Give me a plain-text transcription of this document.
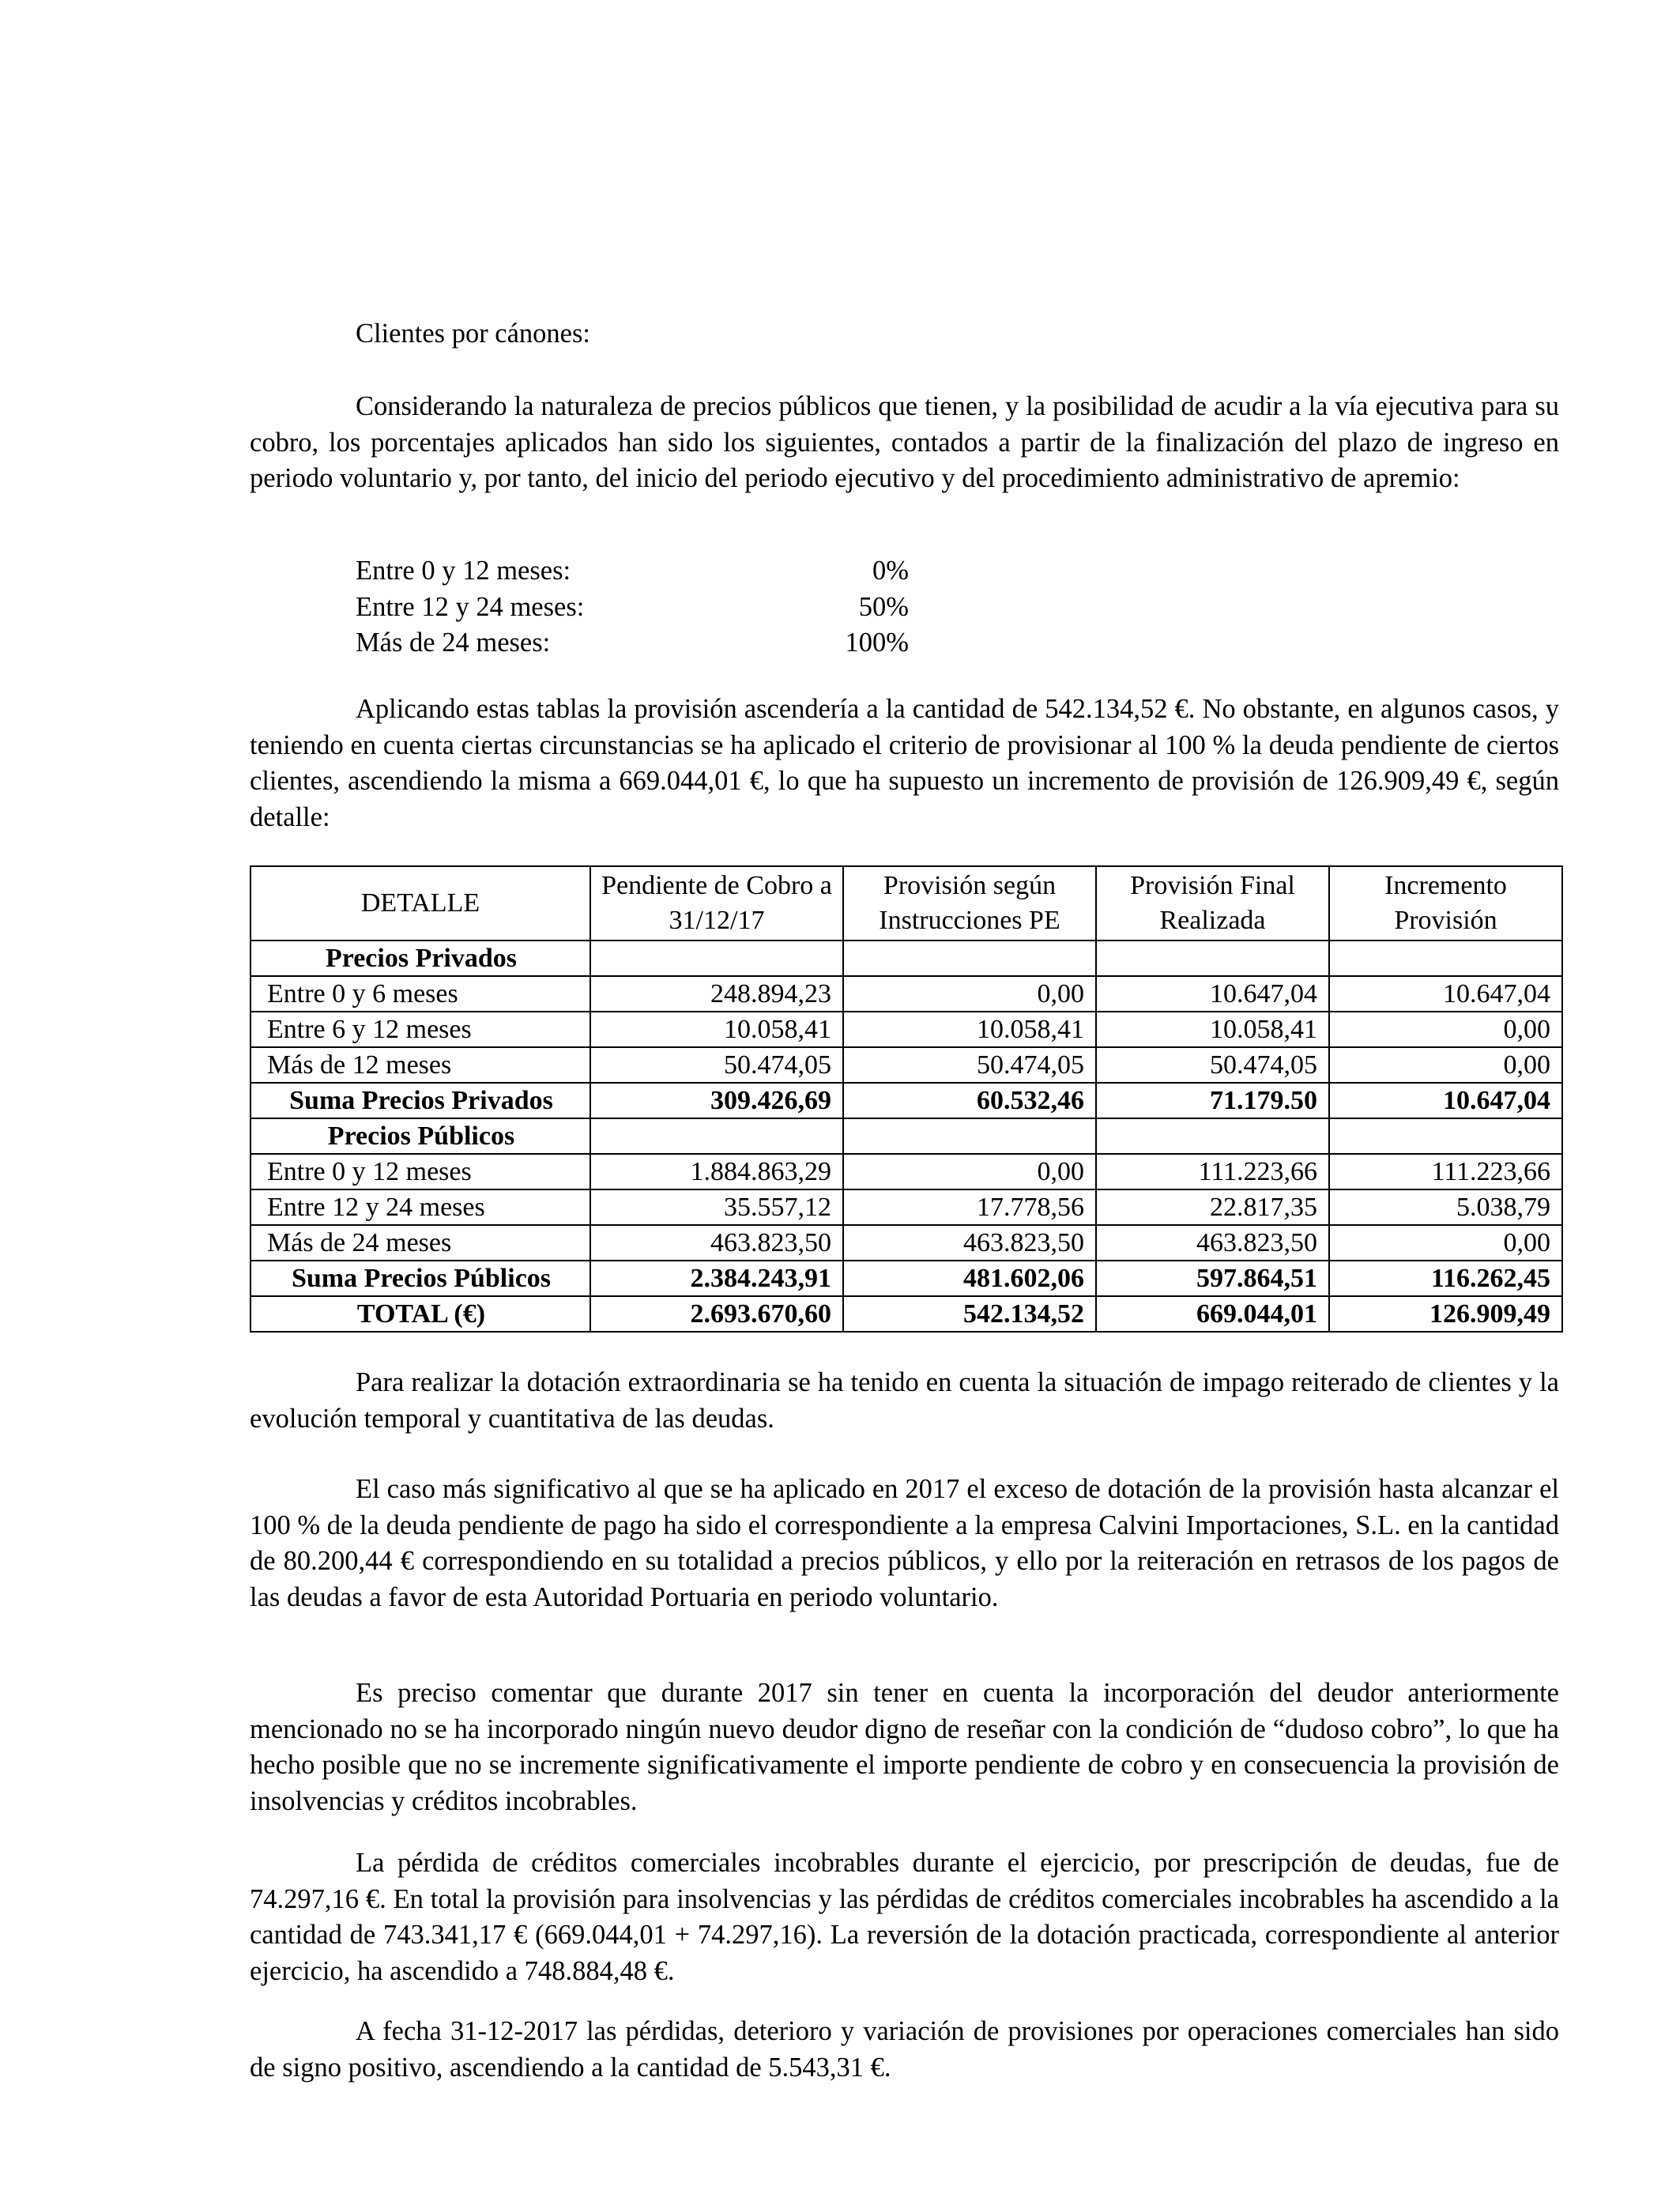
Clientes por cánones:

Considerando la naturaleza de precios públicos que tienen, y la posibilidad de acudir a la vía ejecutiva para su cobro, los porcentajes aplicados han sido los siguientes, contados a partir de la finalización del plazo de ingreso en periodo voluntario y, por tanto, del inicio del periodo ejecutivo y del procedimiento administrativo de apremio:

Entre 0 y 12 meses:	0%
Entre 12 y 24 meses:	50%
Más de 24 meses:	100%

Aplicando estas tablas la provisión ascendería a la cantidad de 542.134,52 €. No obstante, en algunos casos, y teniendo en cuenta ciertas circunstancias se ha aplicado el criterio de provisionar al 100 % la deuda pendiente de ciertos clientes, ascendiendo la misma a 669.044,01 €, lo que ha supuesto un incremento de provisión de 126.909,49 €, según detalle:

DETALLE	Pendiente de Cobro a 31/12/17	Provisión según Instrucciones PE	Provisión Final Realizada	Incremento Provisión
Precios Privados				
Entre 0 y 6 meses	248.894,23	0,00	10.647,04	10.647,04
Entre 6 y 12 meses	10.058,41	10.058,41	10.058,41	0,00
Más de 12 meses	50.474,05	50.474,05	50.474,05	0,00
Suma Precios Privados	309.426,69	60.532,46	71.179.50	10.647,04
Precios Públicos				
Entre 0 y 12 meses	1.884.863,29	0,00	111.223,66	111.223,66
Entre 12 y 24 meses	35.557,12	17.778,56	22.817,35	5.038,79
Más de 24 meses	463.823,50	463.823,50	463.823,50	0,00
Suma Precios Públicos	2.384.243,91	481.602,06	597.864,51	116.262,45
TOTAL (€)	2.693.670,60	542.134,52	669.044,01	126.909,49

Para realizar la dotación extraordinaria se ha tenido en cuenta la situación de impago reiterado de clientes y la evolución temporal y cuantitativa de las deudas.

El caso más significativo al que se ha aplicado en 2017 el exceso de dotación de la provisión hasta alcanzar el 100 % de la deuda pendiente de pago ha sido el correspondiente a la empresa Calvini Importaciones, S.L. en la cantidad de 80.200,44 € correspondiendo en su totalidad a precios públicos, y ello por la reiteración en retrasos de los pagos de las deudas a favor de esta Autoridad Portuaria en periodo voluntario.

Es preciso comentar que durante 2017 sin tener en cuenta la incorporación del deudor anteriormente mencionado no se ha incorporado ningún nuevo deudor digno de reseñar con la condición de “dudoso cobro”, lo que ha hecho posible que no se incremente significativamente el importe pendiente de cobro y en consecuencia la provisión de insolvencias y créditos incobrables.

La pérdida de créditos comerciales incobrables durante el ejercicio, por prescripción de deudas, fue de 74.297,16 €. En total la provisión para insolvencias y las pérdidas de créditos comerciales incobrables ha ascendido a la cantidad de 743.341,17 € (669.044,01 + 74.297,16). La reversión de la dotación practicada, correspondiente al anterior ejercicio, ha ascendido a 748.884,48 €.

A fecha 31-12-2017 las pérdidas, deterioro y variación de provisiones por operaciones comerciales han sido de signo positivo, ascendiendo a la cantidad de 5.543,31 €.
